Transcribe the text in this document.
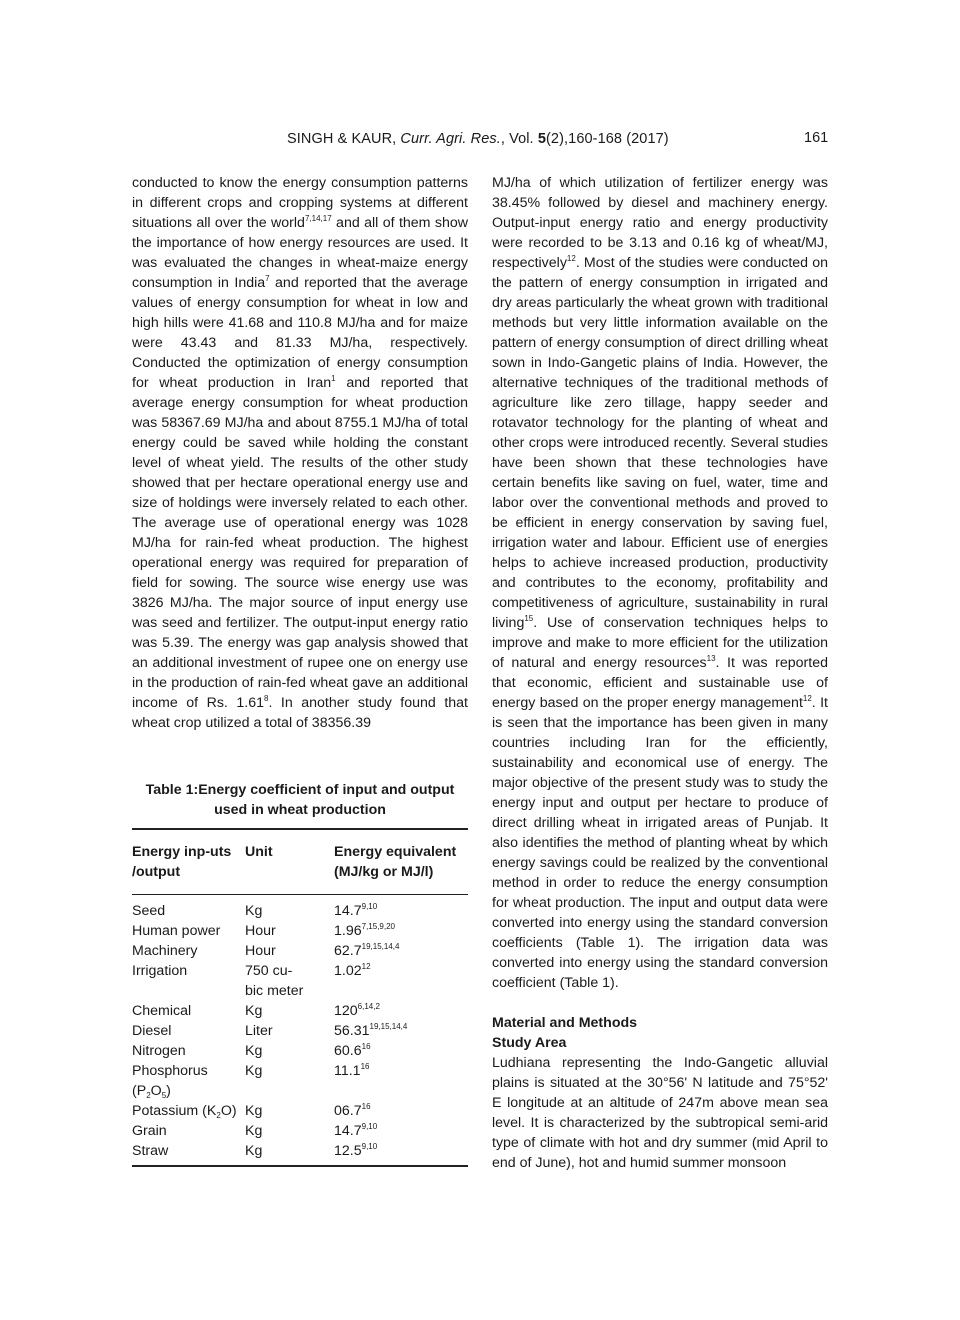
SINGH & KAUR, Curr. Agri. Res., Vol. 5(2),160-168 (2017)	161

conducted to know the energy consumption patterns in different crops and cropping systems at different situations all over the world$^{7,14,17}$ and all of them show the importance of how energy resources are used. It was evaluated the changes in wheat-maize energy consumption in India$^7$ and reported that the average values of energy consumption for wheat in low and high hills were 41.68 and 110.8 MJ/ha and for maize were 43.43 and 81.33 MJ/ha, respectively. Conducted the optimization of energy consumption for wheat production in Iran$^1$ and reported that average energy consumption for wheat production was 58367.69 MJ/ha and about 8755.1 MJ/ha of total energy could be saved while holding the constant level of wheat yield. The results of the other study showed that per hectare operational energy use and size of holdings were inversely related to each other. The average use of operational energy was 1028 MJ/ha for rain-fed wheat production. The highest operational energy was required for preparation of field for sowing. The source wise energy use was 3826 MJ/ha. The major source of input energy use was seed and fertilizer. The output-input energy ratio was 5.39. The energy was gap analysis showed that an additional investment of rupee one on energy use in the production of rain-fed wheat gave an additional income of Rs. 1.61$^8$. In another study found that wheat crop utilized a total of 38356.39

Table 1:Energy coefficient of input and output used in wheat production

Energy inp-uts /output	Unit	Energy equivalent (MJ/kg or MJ/l)
Seed	Kg	14.7$^{9,10}$
Human power	Hour	1.96$^{7,15,9,20}$
Machinery	Hour	62.7$^{19,15,14,4}$
Irrigation	750 cu-bic meter	1.02$^{12}$
Chemical	Kg	120$^{6,14,2}$
Diesel	Liter	56.31$^{19,15,14,4}$
Nitrogen	Kg	60.6$^{16}$
Phosphorus $(P_2O_5)$	Kg	11.1$^{16}$
Potassium $(K_2O)$	Kg	06.7$^{16}$
Grain	Kg	14.7$^{9,10}$
Straw	Kg	12.5$^{9,10}$

MJ/ha of which utilization of fertilizer energy was 38.45% followed by diesel and machinery energy. Output-input energy ratio and energy productivity were recorded to be 3.13 and 0.16 kg of wheat/MJ, respectively$^{12}$. Most of the studies were conducted on the pattern of energy consumption in irrigated and dry areas particularly the wheat grown with traditional methods but very little information available on the pattern of energy consumption of direct drilling wheat sown in Indo-Gangetic plains of India. However, the alternative techniques of the traditional methods of agriculture like zero tillage, happy seeder and rotavator technology for the planting of wheat and other crops were introduced recently. Several studies have been shown that these technologies have certain benefits like saving on fuel, water, time and labor over the conventional methods and proved to be efficient in energy conservation by saving fuel, irrigation water and labour. Efficient use of energies helps to achieve increased production, productivity and contributes to the economy, profitability and competitiveness of agriculture, sustainability in rural living$^{15}$. Use of conservation techniques helps to improve and make to more efficient for the utilization of natural and energy resources$^{13}$. It was reported that economic, efficient and sustainable use of energy based on the proper energy management$^{12}$. It is seen that the importance has been given in many countries including Iran for the efficiently, sustainability and economical use of energy. The major objective of the present study was to study the energy input and output per hectare to produce of direct drilling wheat in irrigated areas of Punjab. It also identifies the method of planting wheat by which energy savings could be realized by the conventional method in order to reduce the energy consumption for wheat production. The input and output data were converted into energy using the standard conversion coefficients (Table 1). The irrigation data was converted into energy using the standard conversion coefficient (Table 1).

Material and Methods

Study Area

Ludhiana representing the Indo-Gangetic alluvial plains is situated at the 30°56' N latitude and 75°52' E longitude at an altitude of 247m above mean sea level. It is characterized by the subtropical semi-arid type of climate with hot and dry summer (mid April to end of June), hot and humid summer monsoon
